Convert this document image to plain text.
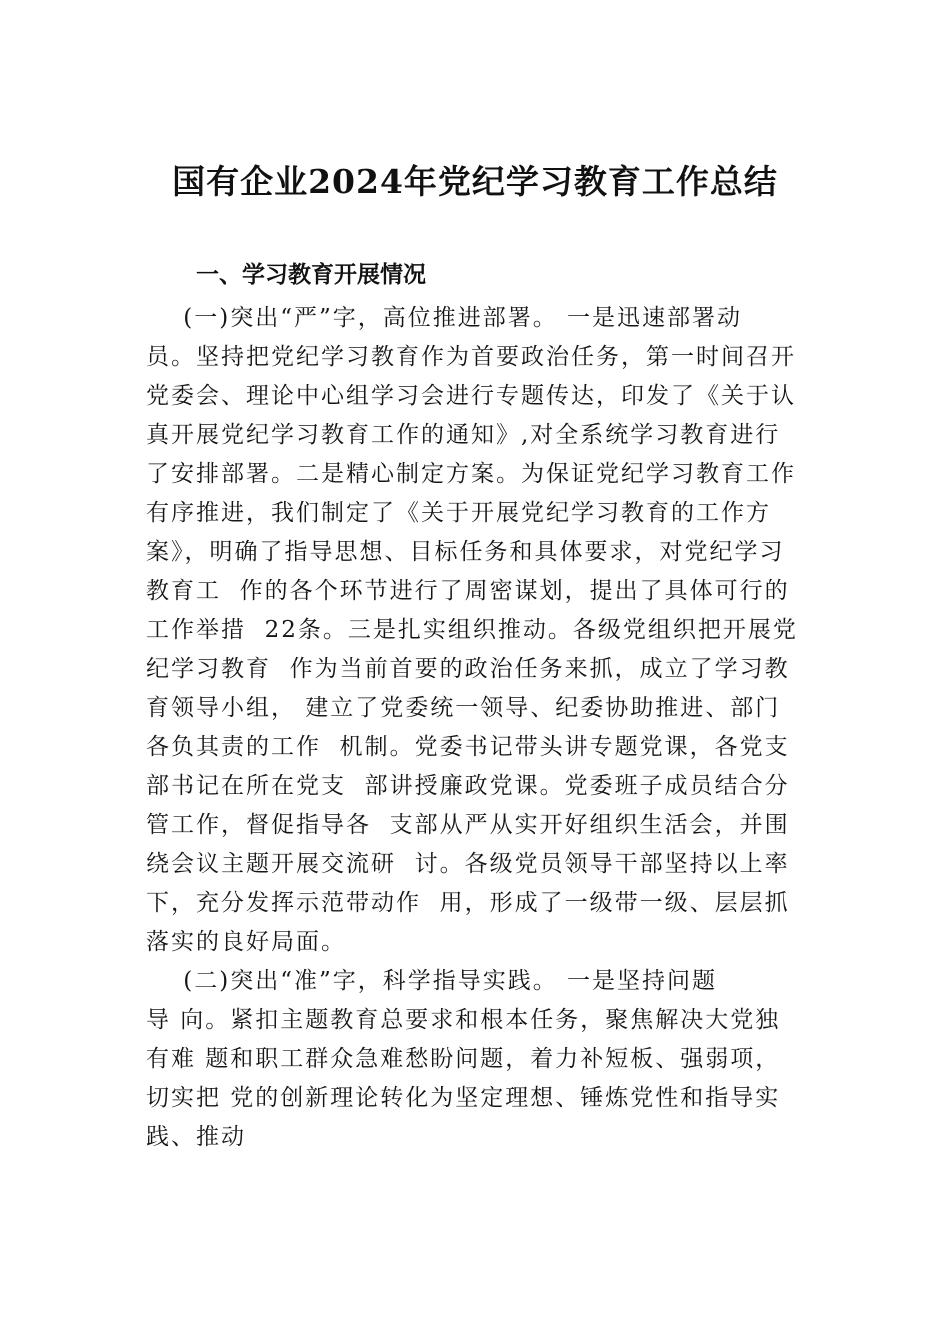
国有企业2024年党纪学习教育工作总结
一、学习教育开展情况
(一)突出“严”字，高位推进部署。 一是迅速部署动
员。坚持把党纪学习教育作为首要政治任务，第一时间召开
党委会、理论中心组学习会进行专题传达，印发了《关于认
真开展党纪学习教育工作的通知》,对全系统学习教育进行
了安排部署。二是精心制定方案。为保证党纪学习教育工作
有序推进，我们制定了《关于开展党纪学习教育的工作方
案》，明确了指导思想、目标任务和具体要求，对党纪学习
教育工  作的各个环节进行了周密谋划，提出了具体可行的
工作举措  22条。三是扎实组织推动。各级党组织把开展党
纪学习教育  作为当前首要的政治任务来抓，成立了学习教
育领导小组， 建立了党委统一领导、纪委协助推进、部门
各负其责的工作  机制。党委书记带头讲专题党课，各党支
部书记在所在党支  部讲授廉政党课。党委班子成员结合分
管工作，督促指导各  支部从严从实开好组织生活会，并围
绕会议主题开展交流研  讨。各级党员领导干部坚持以上率
下，充分发挥示范带动作  用，形成了一级带一级、层层抓
落实的良好局面。
(二)突出“准”字，科学指导实践。 一是坚持问题
导 向。紧扣主题教育总要求和根本任务，聚焦解决大党独
有难 题和职工群众急难愁盼问题，着力补短板、强弱项，
切实把 党的创新理论转化为坚定理想、锤炼党性和指导实
践、推动
